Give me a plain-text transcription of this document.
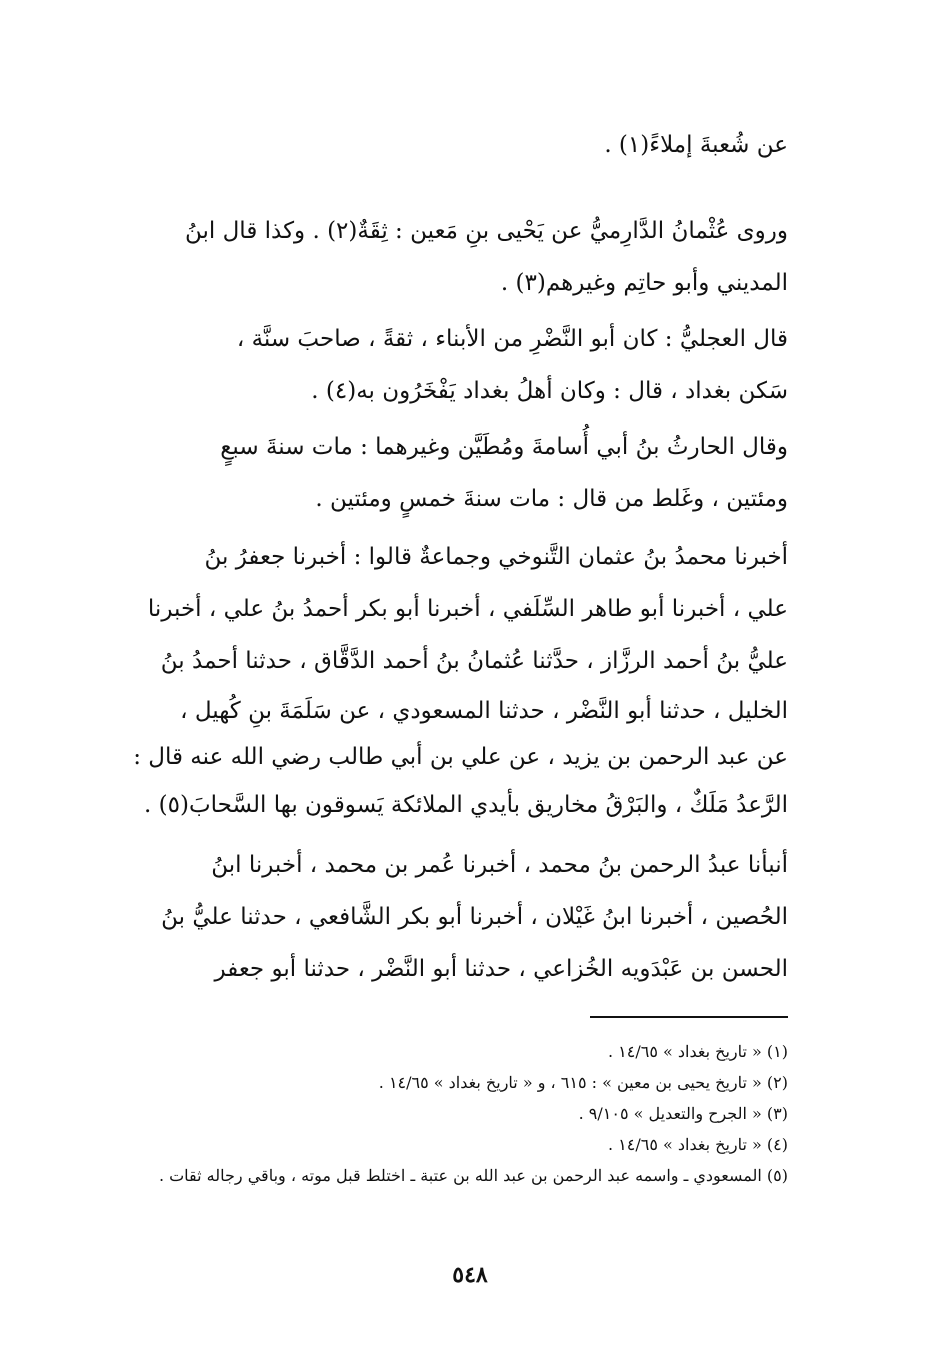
عن شُعبةَ إملاءً(١) .
وروى عُثْمانُ الدَّارِميُّ عن يَحْيى بنِ مَعين : ثِقَةٌ(٢) . وكذا قال ابنُ
المديني وأبو حاتِم وغيرهم(٣) .
قال العجليُّ : كان أبو النَّضْرِ من الأبناء ، ثقةً ، صاحبَ سنَّة ،
سَكن بغداد ، قال : وكان أهلُ بغداد يَفْخَرُون به(٤) .
وقال الحارثُ بنُ أبي أُسامةَ ومُطَيَّن وغيرهما : مات سنةَ سبعٍ
ومئتين ، وغَلط من قال : مات سنةَ خمسٍ ومئتين .
أخبرنا محمدُ بنُ عثمان التَّنوخي وجماعةٌ قالوا : أخبرنا جعفرُ بنُ
علي ، أخبرنا أبو طاهر السِّلَفي ، أخبرنا أبو بكر أحمدُ بنُ علي ، أخبرنا
عليُّ بنُ أحمد الرزَّاز ، حدَّثنا عُثمانُ بنُ أحمد الدَّقَّاق ، حدثنا أحمدُ بنُ
الخليل ، حدثنا أبو النَّضْر ، حدثنا المسعودي ، عن سَلَمَةَ بنِ كُهيل ،
عن عبد الرحمن بن يزيد ، عن علي بن أبي طالب رضي الله عنه قال :
الرَّعدُ مَلَكٌ ، والبَرْقُ مخاريق بأيدي الملائكة يَسوقون بها السَّحابَ(٥) .
أنبأنا عبدُ الرحمن بنُ محمد ، أخبرنا عُمر بن محمد ، أخبرنا ابنُ
الحُصين ، أخبرنا ابنُ غَيْلان ، أخبرنا أبو بكر الشَّافعي ، حدثنا عليُّ بنُ
الحسن بن عَبْدَويه الخُزاعي ، حدثنا أبو النَّضْر ، حدثنا أبو جعفر

(١) « تاريخ بغداد » ١٤/٦٥ .

(٢) « تاريخ يحيى بن معين » : ٦١٥ ، و « تاريخ بغداد » ١٤/٦٥ .

(٣) « الجرح والتعديل » ٩/١٠٥ .

(٤) « تاريخ بغداد » ١٤/٦٥ .

(٥) المسعودي ـ واسمه عبد الرحمن بن عبد الله بن عتبة ـ اختلط قبل موته ، وباقي رجاله ثقات .

٥٤٨
